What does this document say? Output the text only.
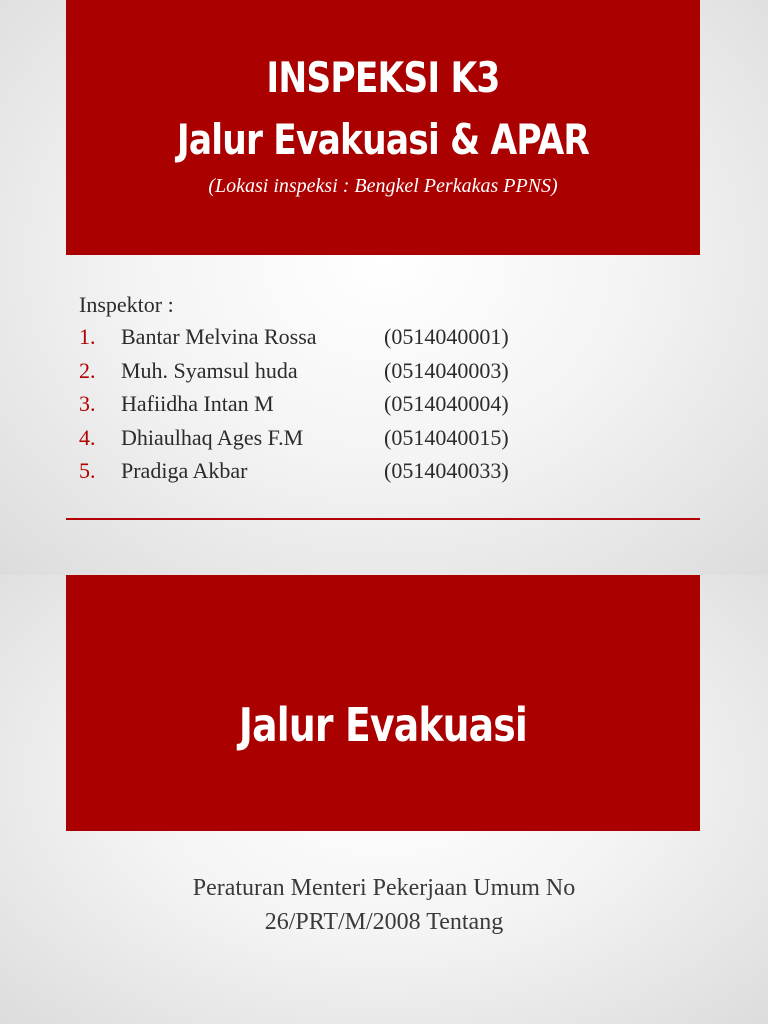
INSPEKSI K3
Jalur Evakuasi & APAR
(Lokasi inspeksi : Bengkel Perkakas PPNS)
Inspektor :
1. Bantar Melvina Rossa	(0514040001)
2. Muh. Syamsul huda	(0514040003)
3. Hafiidha Intan M	(0514040004)
4. Dhiaulhaq Ages F.M	(0514040015)
5. Pradiga Akbar	(0514040033)
Jalur Evakuasi
Peraturan Menteri Pekerjaan Umum No
26/PRT/M/2008 Tentang
